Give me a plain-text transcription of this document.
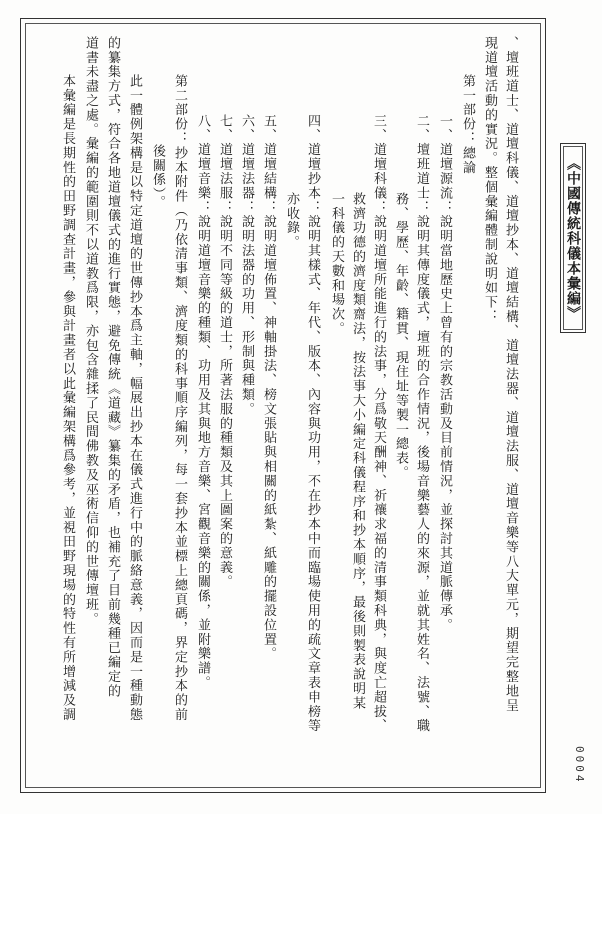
、壇班道士、道壇科儀、道壇抄本、道壇結構、道壇法器、道壇法服、道壇音樂等八大單元，期望完整地呈
現道壇活動的實況。整個彙編體制說明如下：
第一部份：總論
一、道壇源流：說明當地歷史上曾有的宗教活動及目前情況，並探討其道脈傳承。
二、壇班道士：說明其傳度儀式，壇班的合作情況，後場音樂藝人的來源，並就其姓名、法號、職
務、學歷、年齡、籍貫、現住址等製一總表。
三、道壇科儀：說明道壇所能進行的法事，分爲敬天酬神、祈禳求福的清事類科典，與度亡超拔、
救濟功德的濟度類齋法，按法事大小編定科儀程序和抄本順序，最後則製表說明某
一科儀的天數和場次。
四、道壇抄本：說明其樣式、年代、版本、內容與功用，不在抄本中而臨場使用的疏文章表申榜等
亦收錄。
五、道壇結構：說明道壇佈置、神軸掛法、榜文張貼與相關的紙紮、紙雕的擺設位置。
六、道壇法器：說明法器的功用、形制與種類。
七、道壇法服：說明不同等級的道士，所著法服的種類及其上圖案的意義。
八、道壇音樂：說明道壇音樂的種類、功用及其與地方音樂、宮觀音樂的關係，並附樂譜。
第二部份：抄本附件（乃依清事類、濟度類的科事順序編列，每一套抄本並標上總頁碼，界定抄本的前
後關係）。
此一體例架構是以特定道壇的世傳抄本爲主軸，幅展出抄本在儀式進行中的脈絡意義，因而是一種動態
的纂集方式，符合各地道壇儀式的進行實態，避免傳統《道藏》纂集的矛盾，也補充了目前幾種已編定的
道書未盡之處。彙編的範圍則不以道教爲限，亦包含雜揉了民間佛教及巫術信仰的世傳壇班。
本彙編是長期性的田野調查計畫，參與計畫者以此彙編架構爲參考，並視田野現場的特性有所增減及調	《中國傳統科儀本彙編》
0004
